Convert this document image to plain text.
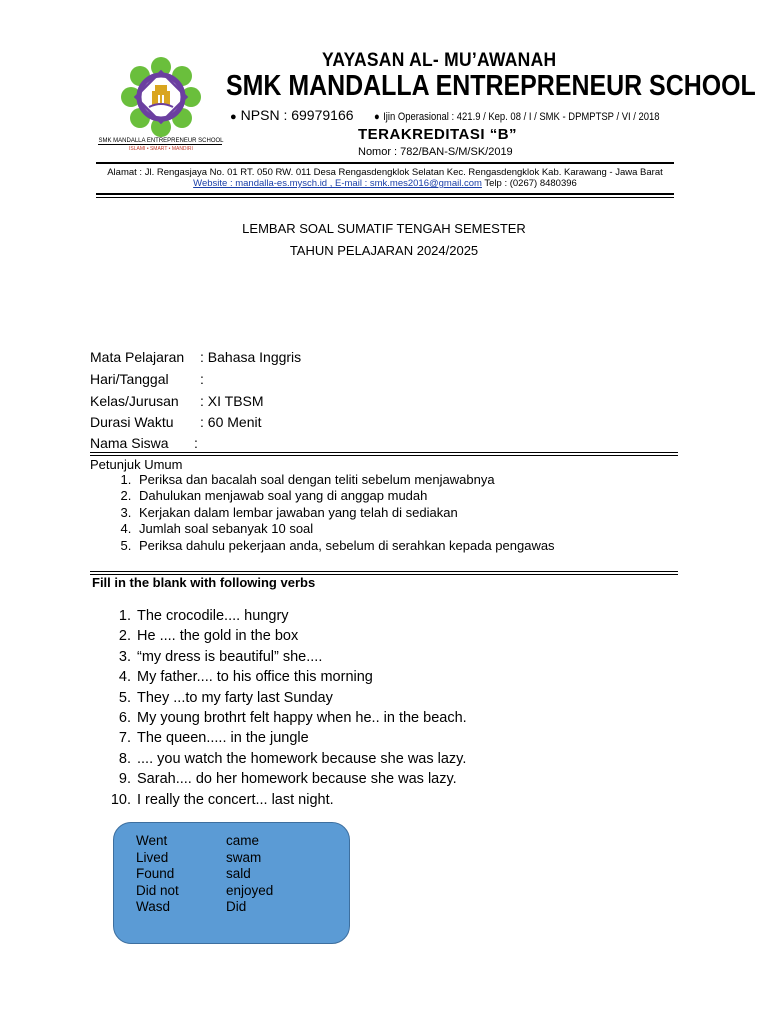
SMK MANDALLA ENTREPRENEUR SCHOOL
ISLAMI • SMART • MANDIRI
YAYASAN AL- MU’AWANAH
SMK MANDALLA ENTREPRENEUR SCHOOL
● NPSN : 69979166 ● Ijin Operasional : 421.9 / Kep. 08 / I / SMK - DPMPTSP / VI / 2018
TERAKREDITASI “B”
Nomor : 782/BAN-S/M/SK/2019
Alamat : Jl. Rengasjaya No. 01 RT. 050 RW. 011 Desa Rengasdengklok Selatan Kec. Rengasdengklok Kab. Karawang - Jawa Barat
Website : mandalla-es.mysch.id , E-mail : smk.mes2016@gmail.com Telp : (0267) 8480396
LEMBAR SOAL SUMATIF TENGAH SEMESTER
TAHUN PELAJARAN 2024/2025
Mata Pelajaran : Bahasa Inggris
Hari/Tanggal :
Kelas/Jurusan : XI TBSM
Durasi Waktu : 60 Menit
Nama Siswa :
Petunjuk Umum
1. Periksa dan bacalah soal dengan teliti sebelum menjawabnya
2. Dahulukan menjawab soal yang di anggap mudah
3. Kerjakan dalam lembar jawaban yang telah di sediakan
4. Jumlah soal sebanyak 10 soal
5. Periksa dahulu pekerjaan anda, sebelum di serahkan kepada pengawas
Fill in the blank with following verbs
1. The crocodile.... hungry
2. He .... the gold in the box
3. “my dress is beautiful” she....
4. My father.... to his office this morning
5. They ...to my farty last Sunday
6. My young brothrt felt happy when he.. in the beach.
7. The queen..... in the jungle
8. .... you watch the homework because she was lazy.
9. Sarah.... do her homework because she was lazy.
10. I really the concert... last night.
Went
Lived
Found
Did not
Wasd
came
swam
sald
enjoyed
Did
